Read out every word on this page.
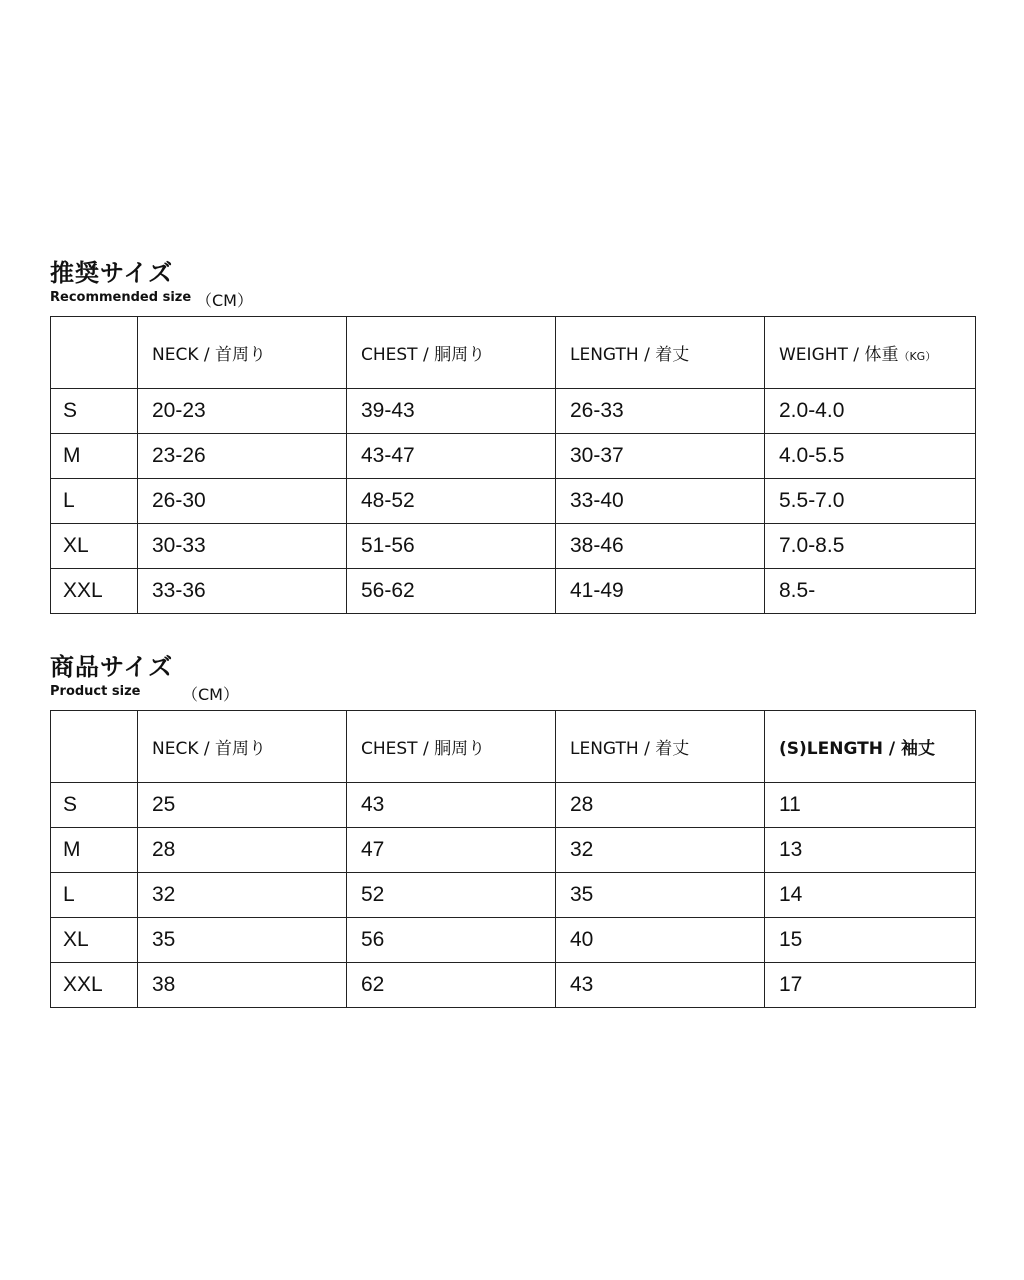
推奨サイズ
Recommended size （CM）
	NECK / 首周り	CHEST / 胴周り	LENGTH / 着丈	WEIGHT / 体重（KG）
S	20-23	39-43	26-33	2.0-4.0
M	23-26	43-47	30-37	4.0-5.5
L	26-30	48-52	33-40	5.5-7.0
XL	30-33	51-56	38-46	7.0-8.5
XXL	33-36	56-62	41-49	8.5-
商品サイズ
Product size	（CM）
	NECK / 首周り	CHEST / 胴周り	LENGTH / 着丈	(S)LENGTH / 袖丈
S	25	43	28	11
M	28	47	32	13
L	32	52	35	14
XL	35	56	40	15
XXL	38	62	43	17
